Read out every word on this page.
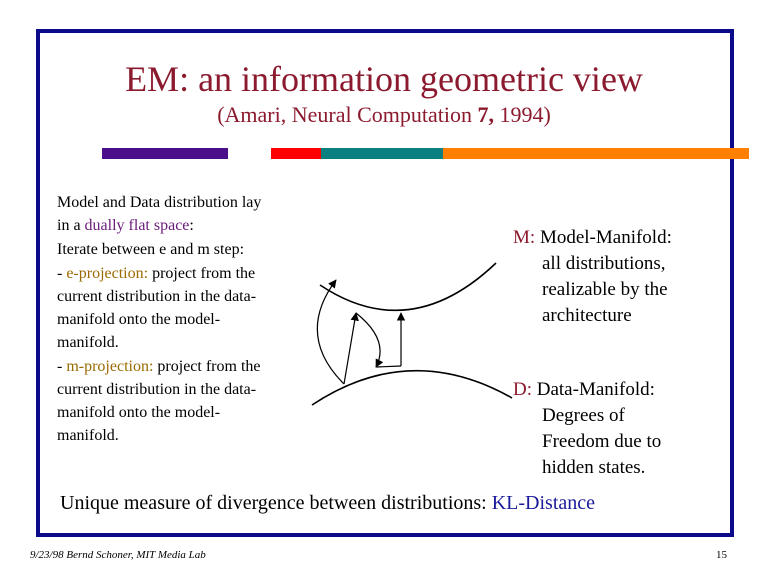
EM: an information geometric view
(Amari, Neural Computation 7, 1994)

Model and Data distribution lay
in a dually flat space:

Iterate between e and m step:

- e-projection: project from the
current distribution in the data-
manifold onto the model-
manifold.

- m-projection: project from the
current distribution in the data-
manifold onto the model-
manifold.

M: Model-Manifold:
all distributions,
realizable by the
architecture
D: Data-Manifold:
Degrees of
Freedom due to
hidden states.
Unique measure of divergence between distributions: KL-Distance
9/23/98 Bernd Schoner, MIT Media Lab	15
